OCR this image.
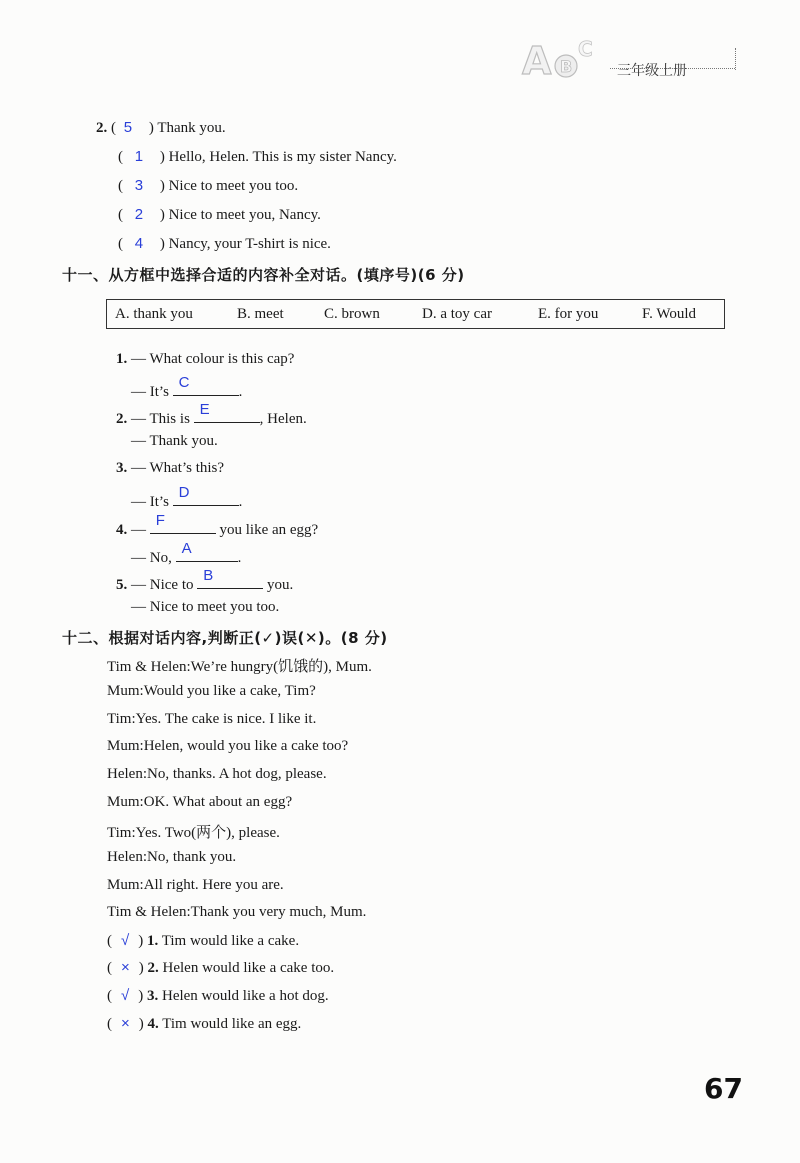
A B
C
三年级上册
2. ( 5 ) Thank you.
( 1 ) Hello, Helen. This is my sister Nancy.
( 3 ) Nice to meet you too.
( 2 ) Nice to meet you, Nancy.
( 4 ) Nancy, your T-shirt is nice.
十一、从方框中选择合适的内容补全对话。(填序号)(6 分)
A. thank you	B. meet	C. brown	D. a toy car	E. for you	F. Would
1. — What colour is this cap?
— It’s
C
.
2. — This is
E
, Helen.
— Thank you.
3. — What’s this?
— It’s
D
.
4. —
F
you like an egg?
— No,
A
.
5. — Nice to
B
you.
— Nice to meet you too.
十二、根据对话内容,判断正(✓)误(✕)。(8 分)
Tim & Helen:We’re hungry(饥饿的), Mum.
Mum:Would you like a cake, Tim?
Tim:Yes. The cake is nice. I like it.
Mum:Helen, would you like a cake too?
Helen:No, thanks. A hot dog, please.
Mum:OK. What about an egg?
Tim:Yes. Two(两个), please.
Helen:No, thank you.
Mum:All right. Here you are.
Tim & Helen:Thank you very much, Mum.
( √ ) 1. Tim would like a cake.
( × ) 2. Helen would like a cake too.
( √ ) 3. Helen would like a hot dog.
( × ) 4. Tim would like an egg.
67
